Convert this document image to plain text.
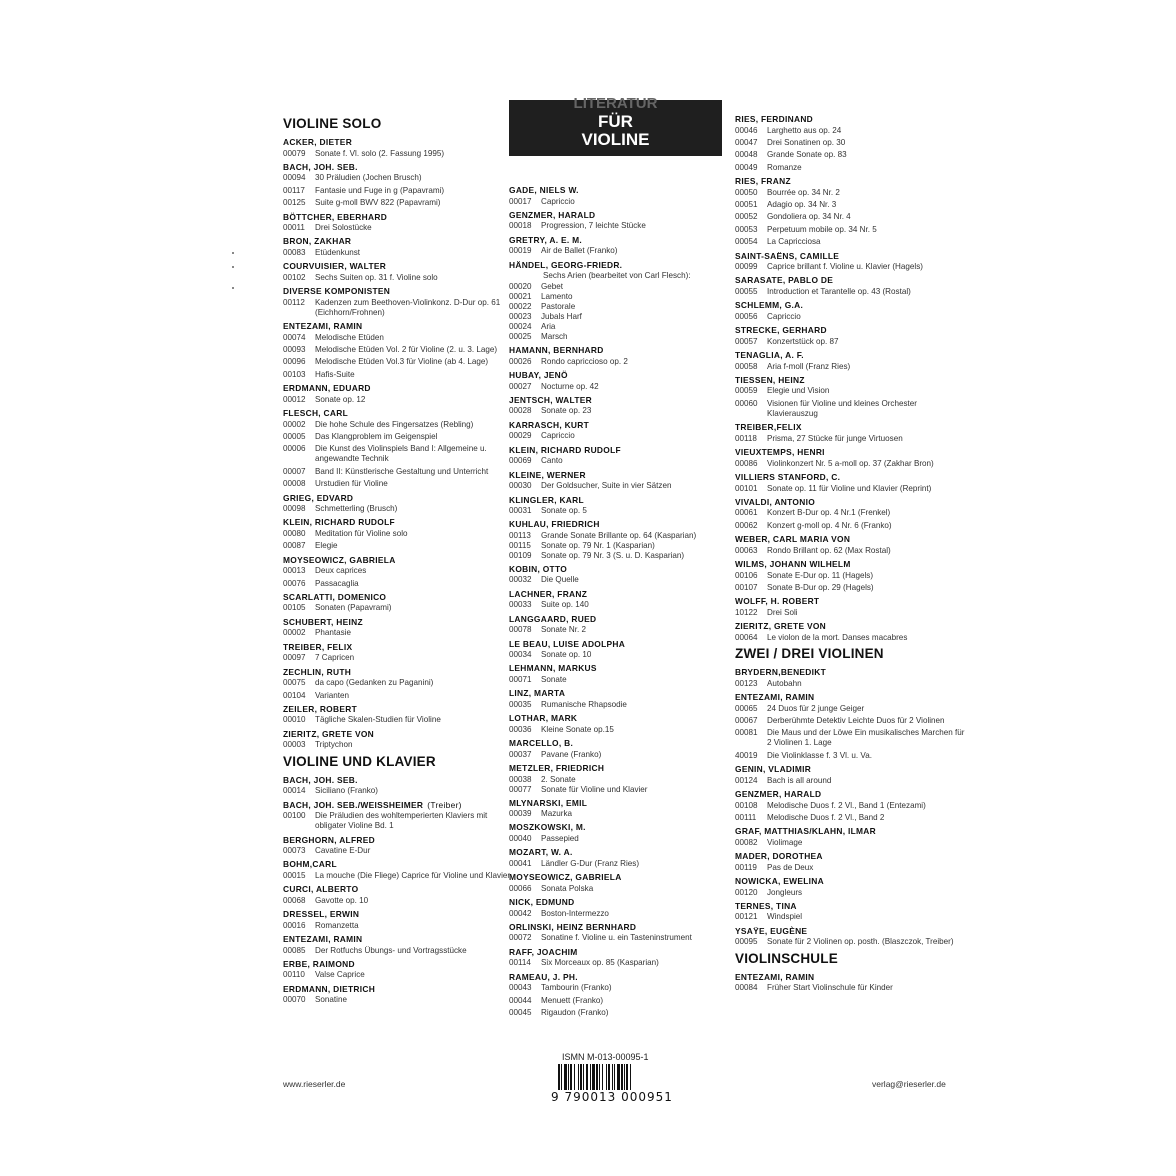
LITERATUR
FÜR
VIOLINE
VIOLINE SOLO
ACKER, DIETER
00079	Sonate f. Vl. solo (2. Fassung 1995)
BACH, JOH. SEB.
00094	30 Präludien (Jochen Brusch)
00117	Fantasie und Fuge in g (Papavrami)
00125	Suite g-moll BWV 822 (Papavrami)
BÖTTCHER, EBERHARD
00011	Drei Solostücke
BRON, ZAKHAR
00083	Etüdenkunst
COURVUISIER, WALTER
00102	Sechs Suiten op. 31 f. Violine solo
DIVERSE KOMPONISTEN
00112	Kadenzen zum Beethoven-Violinkonz. D-Dur op. 61 (Eichhorn/Frohnen)
ENTEZAMI, RAMIN
00074	Melodische Etüden
00093	Melodische Etüden Vol. 2 für Violine (2. u. 3. Lage)
00096	Melodische Etüden Vol.3 für Violine (ab 4. Lage)
00103	Hafis-Suite
ERDMANN, EDUARD
00012	Sonate op. 12
FLESCH, CARL
00002	Die hohe Schule des Fingersatzes (Rebling)
00005	Das Klangproblem im Geigenspiel
00006	Die Kunst des Violinspiels Band I: Allgemeine u. angewandte Technik
00007	Band II: Künstlerische Gestaltung und Unterricht
00008	Urstudien für Violine
GRIEG, EDVARD
00098	Schmetterling (Brusch)
KLEIN, RICHARD RUDOLF
00080	Meditation für Violine solo
00087	Elegie
MOYSEOWICZ, GABRIELA
00013	Deux caprices
00076	Passacaglia
SCARLATTI, DOMENICO
00105	Sonaten (Papavrami)
SCHUBERT, HEINZ
00002	Phantasie
TREIBER, FELIX
00097	7 Capricen
ZECHLIN, RUTH
00075	da capo (Gedanken zu Paganini)
00104	Varianten
ZEILER, ROBERT
00010	Tägliche Skalen-Studien für Violine
ZIERITZ, GRETE VON
00003	Triptychon
VIOLINE UND KLAVIER
BACH, JOH. SEB.
00014	Siciliano (Franko)
BACH, JOH. SEB./WEISSHEIMER (Treiber)
00100	Die Präludien des wohltemperierten Klaviers mit obligater Violine Bd. 1
BERGHORN, ALFRED
00073	Cavatine E-Dur
BOHM,CARL
00015	La mouche (Die Fliege) Caprice für Violine und Klavier
CURCI, ALBERTO
00068	Gavotte op. 10
DRESSEL, ERWIN
00016	Romanzetta
ENTEZAMI, RAMIN
00085	Der Rotfuchs Übungs- und Vortragsstücke
ERBE, RAIMOND
00110	Valse Caprice
ERDMANN, DIETRICH
00070	Sonatine
GADE, NIELS W.
00017	Capriccio
GENZMER, HARALD
00018	Progression, 7 leichte Stücke
GRETRY, A. E. M.
00019	Air de Ballet (Franko)
HÄNDEL, GEORG-FRIEDR.
Sechs Arien (bearbeitet von Carl Flesch):
00020	Gebet
00021	Lamento
00022	Pastorale
00023	Jubals Harf
00024	Aria
00025	Marsch
HAMANN, BERNHARD
00026	Rondo capriccioso op. 2
HUBAY, JENÖ
00027	Nocturne op. 42
JENTSCH, WALTER
00028	Sonate op. 23
KARRASCH, KURT
00029	Capriccio
KLEIN, RICHARD RUDOLF
00069	Canto
KLEINE, WERNER
00030	Der Goldsucher, Suite in vier Sätzen
KLINGLER, KARL
00031	Sonate op. 5
KUHLAU, FRIEDRICH
00113	Grande Sonate Brillante op. 64 (Kasparian)
00115	Sonate op. 79 Nr. 1 (Kasparian)
00109	Sonate op. 79 Nr. 3 (S. u. D. Kasparian)
KOBIN, OTTO
00032	Die Quelle
LACHNER, FRANZ
00033	Suite op. 140
LANGGAARD, RUED
00078	Sonate Nr. 2
LE BEAU, LUISE ADOLPHA
00034	Sonate op. 10
LEHMANN, MARKUS
00071	Sonate
LINZ, MARTA
00035	Rumanische Rhapsodie
LOTHAR, MARK
00036	Kleine Sonate op.15
MARCELLO, B.
00037	Pavane (Franko)
METZLER, FRIEDRICH
00038	2. Sonate
00077	Sonate für Violine und Klavier
MLYNARSKI, EMIL
00039	Mazurka
MOSZKOWSKI, M.
00040	Passepied
MOZART, W. A.
00041	Ländler G-Dur (Franz Ries)
MOYSEOWICZ, GABRIELA
00066	Sonata Polska
NICK, EDMUND
00042	Boston-Intermezzo
ORLINSKI, HEINZ BERNHARD
00072	Sonatine f. Violine u. ein Tasteninstrument
RAFF, JOACHIM
00114	Six Morceaux op. 85 (Kasparian)
RAMEAU, J. PH.
00043	Tambourin (Franko)
00044	Menuett (Franko)
00045	Rigaudon (Franko)
RIES, FERDINAND
00046	Larghetto aus op. 24
00047	Drei Sonatinen op. 30
00048	Grande Sonate op. 83
00049	Romanze
RIES, FRANZ
00050	Bourrée op. 34 Nr. 2
00051	Adagio op. 34 Nr. 3
00052	Gondoliera op. 34 Nr. 4
00053	Perpetuum mobile op. 34 Nr. 5
00054	La Capricciosa
SAINT-SAËNS, CAMILLE
00099	Caprice brillant f. Violine u. Klavier (Hagels)
SARASATE, PABLO DE
00055	Introduction et Tarantelle op. 43 (Rostal)
SCHLEMM, G.A.
00056	Capriccio
STRECKE, GERHARD
00057	Konzertstück op. 87
TENAGLIA, A. F.
00058	Aria f-moll (Franz Ries)
TIESSEN, HEINZ
00059	Elegie und Vision
00060	Visionen für Violine und kleines Orchester Klavierauszug
TREIBER,FELIX
00118	Prisma, 27 Stücke für junge Virtuosen
VIEUXTEMPS, HENRI
00086	Violinkonzert Nr. 5 a-moll op. 37 (Zakhar Bron)
VILLIERS STANFORD, C.
00101	Sonate op. 11 für Violine und Klavier (Reprint)
VIVALDI, ANTONIO
00061	Konzert B-Dur op. 4 Nr.1 (Frenkel)
00062	Konzert g-moll op. 4 Nr. 6 (Franko)
WEBER, CARL MARIA VON
00063	Rondo Brillant op. 62 (Max Rostal)
WILMS, JOHANN WILHELM
00106	Sonate E-Dur op. 11 (Hagels)
00107	Sonate B-Dur op. 29 (Hagels)
WOLFF, H. ROBERT
10122	Drei Soli
ZIERITZ, GRETE VON
00064	Le violon de la mort. Danses macabres
ZWEI / DREI VIOLINEN
BRYDERN,BENEDIKT
00123	Autobahn
ENTEZAMI, RAMIN
00065	24 Duos für 2 junge Geiger
00067	Derberühmte Detektiv Leichte Duos für 2 Violinen
00081	Die Maus und der Löwe Ein musikalisches Marchen für 2 Violinen 1. Lage
40019	Die Violinklasse f. 3 Vl. u. Va.
GENIN, VLADIMIR
00124	Bach is all around
GENZMER, HARALD
00108	Melodische Duos f. 2 Vl., Band 1 (Entezami)
00111	Melodische Duos f. 2 Vl., Band 2
GRAF, MATTHIAS/KLAHN, ILMAR
00082	Violimage
MADER, DOROTHEA
00119	Pas de Deux
NOWICKA, EWELINA
00120	Jongleurs
TERNES, TINA
00121	Windspiel
YSAŸE, EUGÈNE
00095	Sonate für 2 Violinen op. posth. (Blaszczok, Treiber)
VIOLINSCHULE
ENTEZAMI, RAMIN
00084	Früher Start Violinschule für Kinder
www.rieserler.de	verlag@rieserler.de
ISMN M-013-00095-1
9 790013 000951
